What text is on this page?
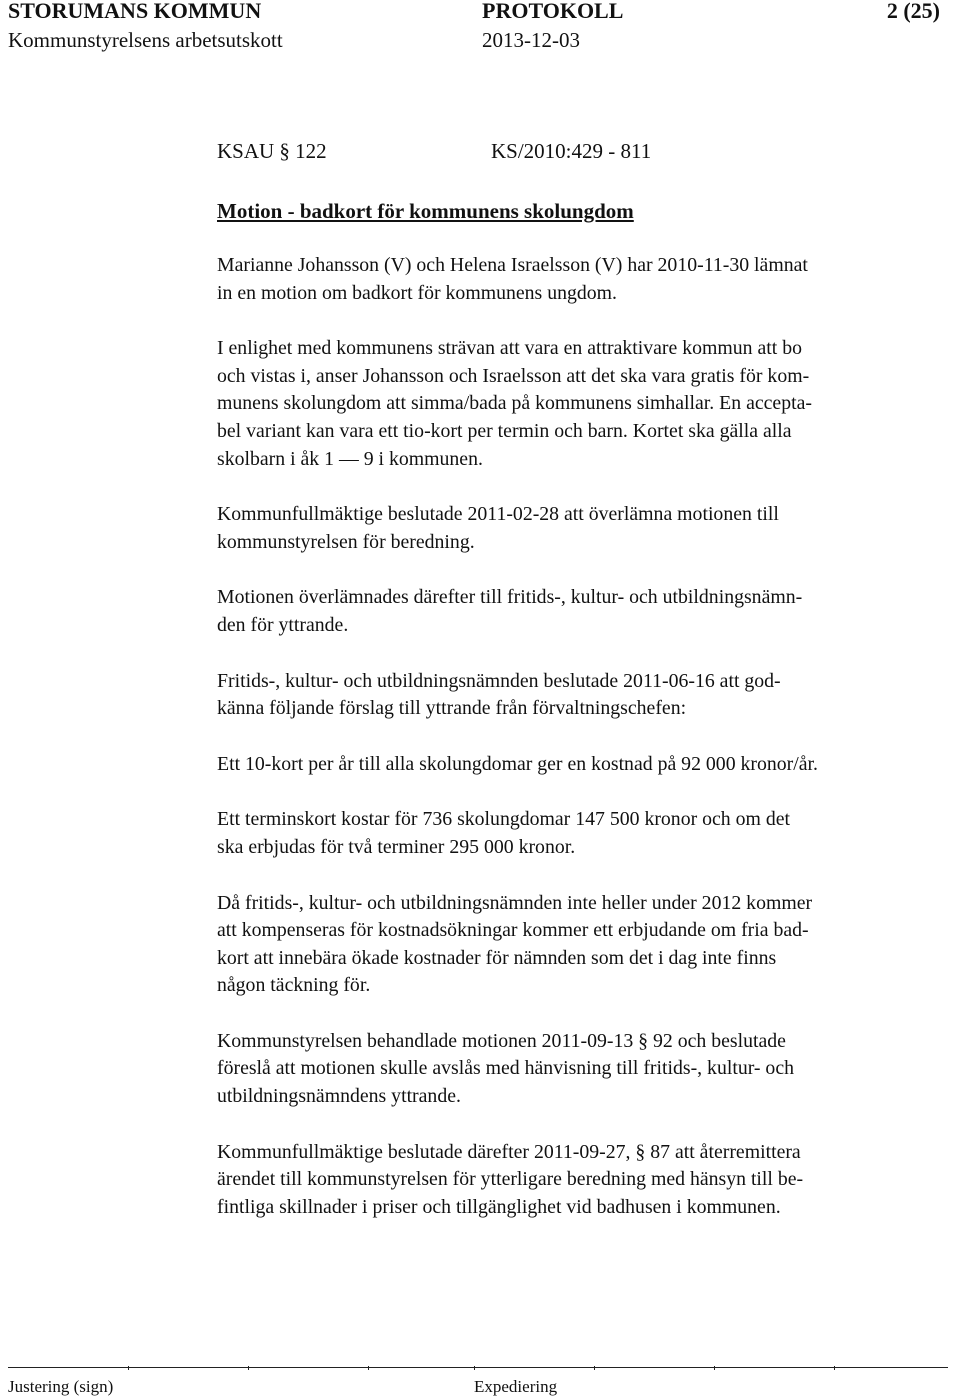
STORUMANS KOMMUN	PROTOKOLL	2 (25)
Kommunstyrelsens arbetsutskott	2013-12-03

KSAU § 122	KS/2010:429 - 811

Motion - badkort för kommunens skolungdom

Marianne Johansson (V) och Helena Israelsson (V) har 2010-11-30 lämnat

in en motion om badkort för kommunens ungdom.

I enlighet med kommunens strävan att vara en attraktivare kommun att bo

och vistas i, anser Johansson och Israelsson att det ska vara gratis för kom-

munens skolungdom att simma/bada på kommunens simhallar. En accepta-

bel variant kan vara ett tio-kort per termin och barn. Kortet ska gälla alla

skolbarn i åk 1 — 9 i kommunen.

Kommunfullmäktige beslutade 2011-02-28 att överlämna motionen till

kommunstyrelsen för beredning.

Motionen överlämnades därefter till fritids-, kultur- och utbildningsnämn-

den för yttrande.

Fritids-, kultur- och utbildningsnämnden beslutade 2011-06-16 att god-

känna följande förslag till yttrande från förvaltningschefen:

Ett 10-kort per år till alla skolungdomar ger en kostnad på 92 000 kronor/år.

Ett terminskort kostar för 736 skolungdomar 147 500 kronor och om det

ska erbjudas för två terminer 295 000 kronor.

Då fritids-, kultur- och utbildningsnämnden inte heller under 2012 kommer

att kompenseras för kostnadsökningar kommer ett erbjudande om fria bad-

kort att innebära ökade kostnader för nämnden som det i dag inte finns

någon täckning för.

Kommunstyrelsen behandlade motionen 2011-09-13 § 92 och beslutade

föreslå att motionen skulle avslås med hänvisning till fritids-, kultur- och

utbildningsnämndens yttrande.

Kommunfullmäktige beslutade därefter 2011-09-27, § 87 att återremittera

ärendet till kommunstyrelsen för ytterligare beredning med hänsyn till be-

fintliga skillnader i priser och tillgänglighet vid badhusen i kommunen.

Justering (sign)	Expediering
